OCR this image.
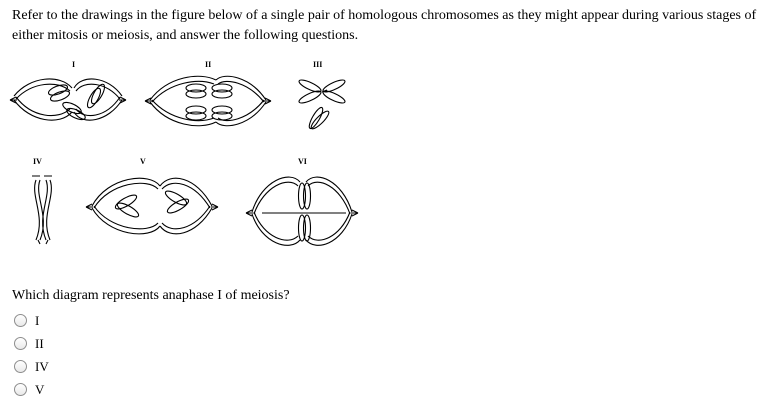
Refer to the drawings in the figure below of a single pair of homologous chromosomes as they might appear during various stages of either mitosis or meiosis, and answer the following questions.
I	II	III
IV	V	VI
Which diagram represents anaphase I of meiosis?
I
II
IV
V
